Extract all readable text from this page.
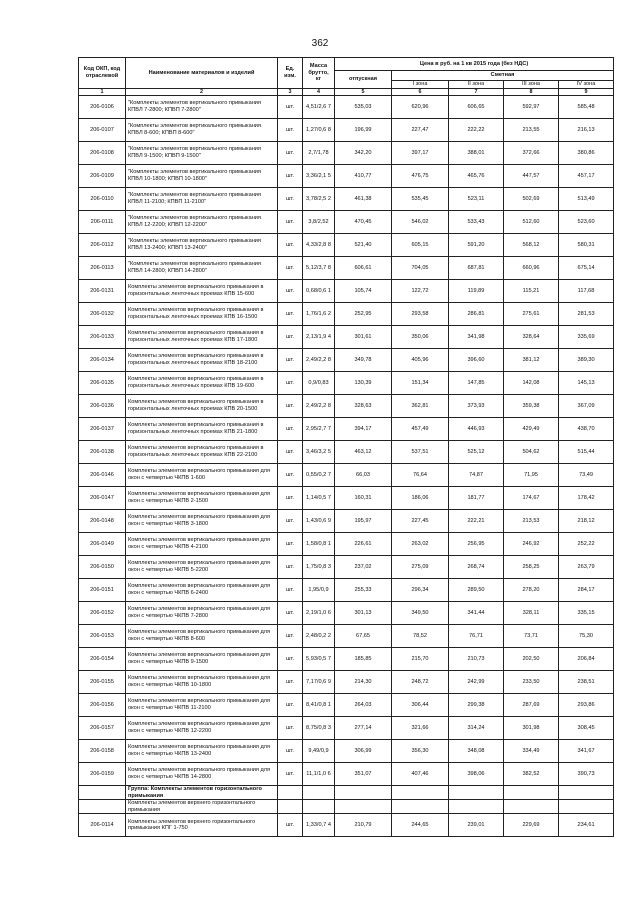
362
Код ОКП, код отраслевой	Наименование материалов и изделий	Ед. изм.	Масса брутто, кг	Цена в руб. на 1 кв 2015 года (без НДС)				
				отпускная	Сметная			
					I зона	II зона	III зона	IV зона
1	2	3	4	5	6	7	8	9
206-0106	"Комплекты элементов вертикального примыкания КПВЛ 7-2800; КПВП 7-2800"	шт.	4,51/2,6 7	535,03	620,96	606,65	592,97	585,48
206-0107	"Комплекты элементов вертикального примыкания КПВЛ 8-600; КПВП 8-600"	шт.	1,27/0,6 8	196,99	227,47	222,22	213,55	216,13
206-0108	"Комплекты элементов вертикального примыкания КПВЛ 9-1500; КПВП 9-1500"	шт.	2,7/1,78	342,20	397,17	388,01	372,66	380,86
206-0109	"Комплекты элементов вертикального примыкания КПВЛ 10-1800; КПВП 10-1800"	шт.	3,36/2,1 5	410,77	476,75	465,76	447,57	457,17
206-0110	"Комплекты элементов вертикального примыкания КПВЛ 11-2100; КПВП 11-2100"	шт.	3,78/2,5 2	461,38	535,45	523,11	502,69	513,49
206-0111	"Комплекты элементов вертикального примыкания КПВЛ 12-2200; КПВП 12-2200"	шт.	3,8/2,52	470,45	546,02	533,43	512,60	523,60
206-0112	"Комплекты элементов вертикального примыкания КПВЛ 13-2400; КПВП 13-2400"	шт.	4,33/2,8 8	521,40	605,15	591,20	568,12	580,31
206-0113	"Комплекты элементов вертикального примыкания КПВЛ 14-2800; КПВП 14-2800"	шт.	5,12/3,7 8	606,61	704,05	687,81	660,96	675,14
206-0131	Комплекты элементов вертикального примыкания в горизонтальных ленточных проемах КПВ 15-600	шт.	0,68/0,6 1	105,74	122,72	119,89	115,21	117,68
206-0132	Комплекты элементов вертикального примыкания в горизонтальных ленточных проемах КПВ 16-1500	шт.	1,76/1,6 2	252,95	293,58	286,81	275,61	281,53
206-0133	Комплекты элементов вертикального примыкания в горизонтальных ленточных проемах КПВ 17-1800	шт.	2,13/1,9 4	301,61	350,06	341,98	328,64	335,69
206-0134	Комплекты элементов вертикального примыкания в горизонтальных ленточных проемах КПВ 18-2100	шт.	2,49/2,2 8	349,78	405,96	396,60	381,12	389,30
206-0135	Комплекты элементов вертикального примыкания в горизонтальных ленточных проемах КПВ 19-600	шт.	0,9/0,83	130,39	151,34	147,85	142,08	145,13
206-0136	Комплекты элементов вертикального примыкания в горизонтальных ленточных проемах КПВ 20-1500	шт.	2,49/2,2 8	328,63	362,81	373,93	359,38	367,09
206-0137	Комплекты элементов вертикального примыкания в горизонтальных ленточных проемах КПВ 21-1800	шт.	2,95/2,7 7	394,17	457,49	446,93	429,49	438,70
206-0138	Комплекты элементов вертикального примыкания в горизонтальных ленточных проемах КПВ 22-2100	шт.	3,46/3,2 5	463,12	537,51	525,12	504,62	515,44
206-0146	Комплекты элементов вертикального примыкания для окон с четвертью ЧКПВ 1-600	шт.	0,55/0,2 7	66,03	76,64	74,87	71,95	73,49
206-0147	Комплекты элементов вертикального примыкания для окон с четвертью ЧКПВ 2-1500	шт.	1,14/0,5 7	160,31	186,06	181,77	174,67	178,42
206-0148	Комплекты элементов вертикального примыкания для окон с четвертью ЧКПВ 3-1800	шт.	1,43/0,6 9	195,97	227,45	222,21	213,53	218,12
206-0149	Комплекты элементов вертикального примыкания для окон с четвертью ЧКПВ 4-2100	шт.	1,58/0,8 1	226,61	263,02	256,95	246,92	252,22
206-0150	Комплекты элементов вертикального примыкания для окон с четвертью ЧКПВ 5-2200	шт.	1,75/0,8 3	237,02	275,09	268,74	258,25	263,79
206-0151	Комплекты элементов вертикального примыкания для окон с четвертью ЧКПВ 6-2400	шт.	1,95/0,9	255,33	296,34	289,50	278,20	284,17
206-0152	Комплекты элементов вертикального примыкания для окон с четвертью ЧКПВ 7-2800	шт.	2,19/1,0 6	301,13	349,50	341,44	328,11	335,15
206-0153	Комплекты элементов вертикального примыкания для окон с четвертью ЧКПВ 8-600	шт.	2,48/0,2 2	67,65	78,52	76,71	73,71	75,30
206-0154	Комплекты элементов вертикального примыкания для окон с четвертью ЧКПВ 9-1500	шт.	5,93/0,5 7	185,85	215,70	210,73	202,50	206,84
206-0155	Комплекты элементов вертикального примыкания для окон с четвертью ЧКПВ 10-1800	шт.	7,17/0,6 9	214,30	248,72	242,99	233,50	238,51
206-0156	Комплекты элементов вертикального примыкания для окон с четвертью ЧКПВ 11-2100	шт.	8,41/0,8 1	264,03	306,44	299,38	287,69	293,86
206-0157	Комплекты элементов вертикального примыкания для окон с четвертью ЧКПВ 12-2200	шт.	8,75/0,8 3	277,14	321,66	314,24	301,98	308,45
206-0158	Комплекты элементов вертикального примыкания для окон с четвертью ЧКПВ 13-2400	шт.	9,49/0,9	306,99	356,30	348,08	334,49	341,67
206-0159	Комплекты элементов вертикального примыкания для окон с четвертью ЧКПВ 14-2800	шт.	11,1/1,0 6	351,07	407,46	398,06	382,52	390,73
	Группа: Комплекты элементов горизонтального примыкания							
	Комплекты элементов верхнего горизонтального примыкания							
206-0114	Комплекты элементов верхнего горизонтального примыкания КПГ 1-750	шт.	1,33/0,7 4	210,79	244,65	239,01	229,69	234,61
